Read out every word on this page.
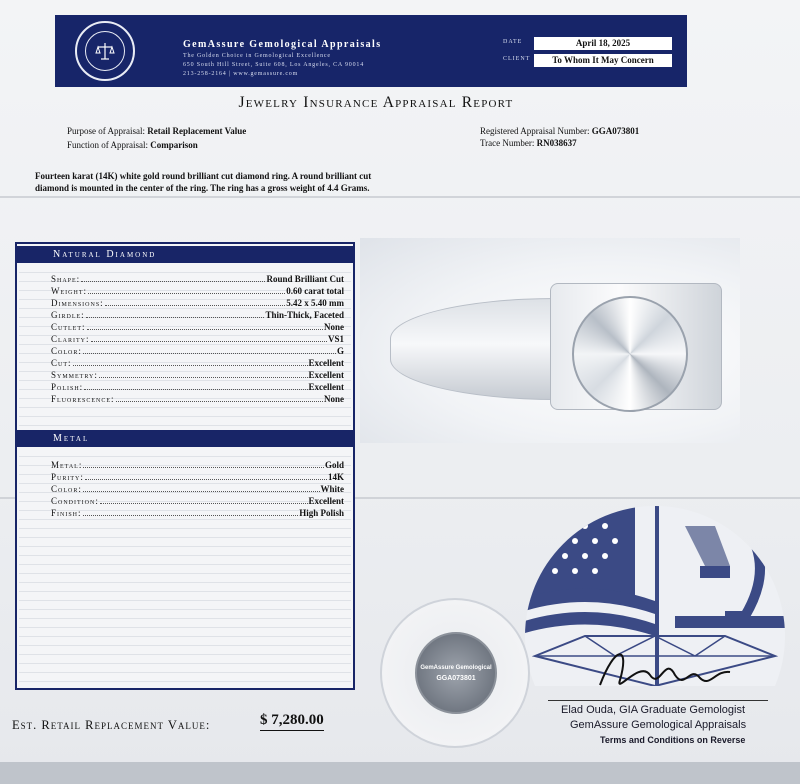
GemAssure Gemological Appraisals
The Golden Choice in Gemological Excellence
650 South Hill Street, Suite 608, Los Angeles, CA 90014
213-258-2164 | www.gemassure.com
DATE	April 18, 2025
CLIENT	To Whom It May Concern
Jewelry Insurance Appraisal Report
Purpose of Appraisal: Retail Replacement Value
Function of Appraisal: Comparison
Registered Appraisal Number: GGA073801
Trace Number: RN038637
Fourteen karat (14K) white gold round brilliant cut diamond ring. A round brilliant cut diamond is mounted in the center of the ring. The ring has a gross weight of 4.4 Grams.
Natural Diamond
Shape:	Round Brilliant Cut
Weight:	0.60 carat total
Dimensions:	5.42 x 5.40 mm
Girdle:	Thin-Thick, Faceted
Cutlet:	None
Clarity:	VS1
Color:	G
Cut:	Excellent
Symmetry:	Excellent
Polish:	Excellent
Fluorescence:	None
Metal
Metal:	Gold
Purity:	14K
Color:	White
Condition:	Excellent
Finish:	High Polish
GemAssure Gemological
GGA073801
Elad Ouda, GIA Graduate Gemologist
GemAssure Gemological Appraisals
Terms and Conditions on Reverse
Est. Retail Replacement Value:	$ 7,280.00
